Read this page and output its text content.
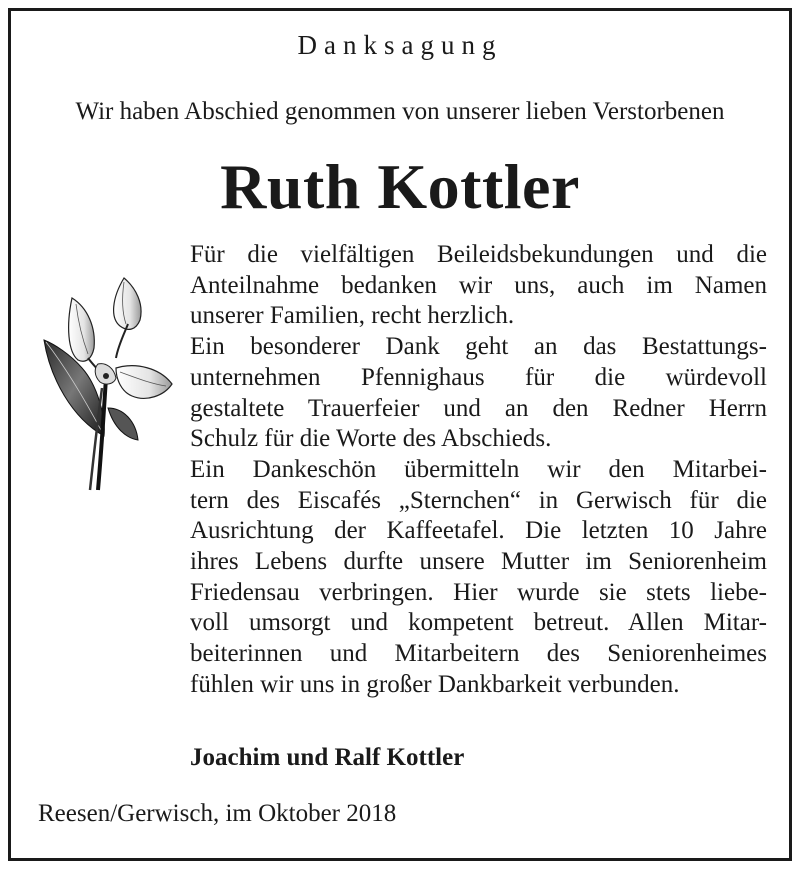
Danksagung
Wir haben Abschied genommen von unserer lieben Verstorbenen
Ruth Kottler

Für die vielfältigen Beileidsbekundungen und die
Anteilnahme bedanken wir uns, auch im Namen
unserer Familien, recht herzlich.

Ein besonderer Dank geht an das Bestattungs-
unternehmen Pfennighaus für die würdevoll
gestaltete Trauerfeier und an den Redner Herrn
Schulz für die Worte des Abschieds.

Ein Dankeschön übermitteln wir den Mitarbei-
tern des Eiscafés „Sternchen“ in Gerwisch für die
Ausrichtung der Kaffeetafel. Die letzten 10 Jahre
ihres Lebens durfte unsere Mutter im Seniorenheim
Friedensau verbringen. Hier wurde sie stets liebe-
voll umsorgt und kompetent betreut. Allen Mitar-
beiterinnen und Mitarbeitern des Seniorenheimes
fühlen wir uns in großer Dankbarkeit verbunden.

Joachim und Ralf Kottler
Reesen/Gerwisch, im Oktober 2018
